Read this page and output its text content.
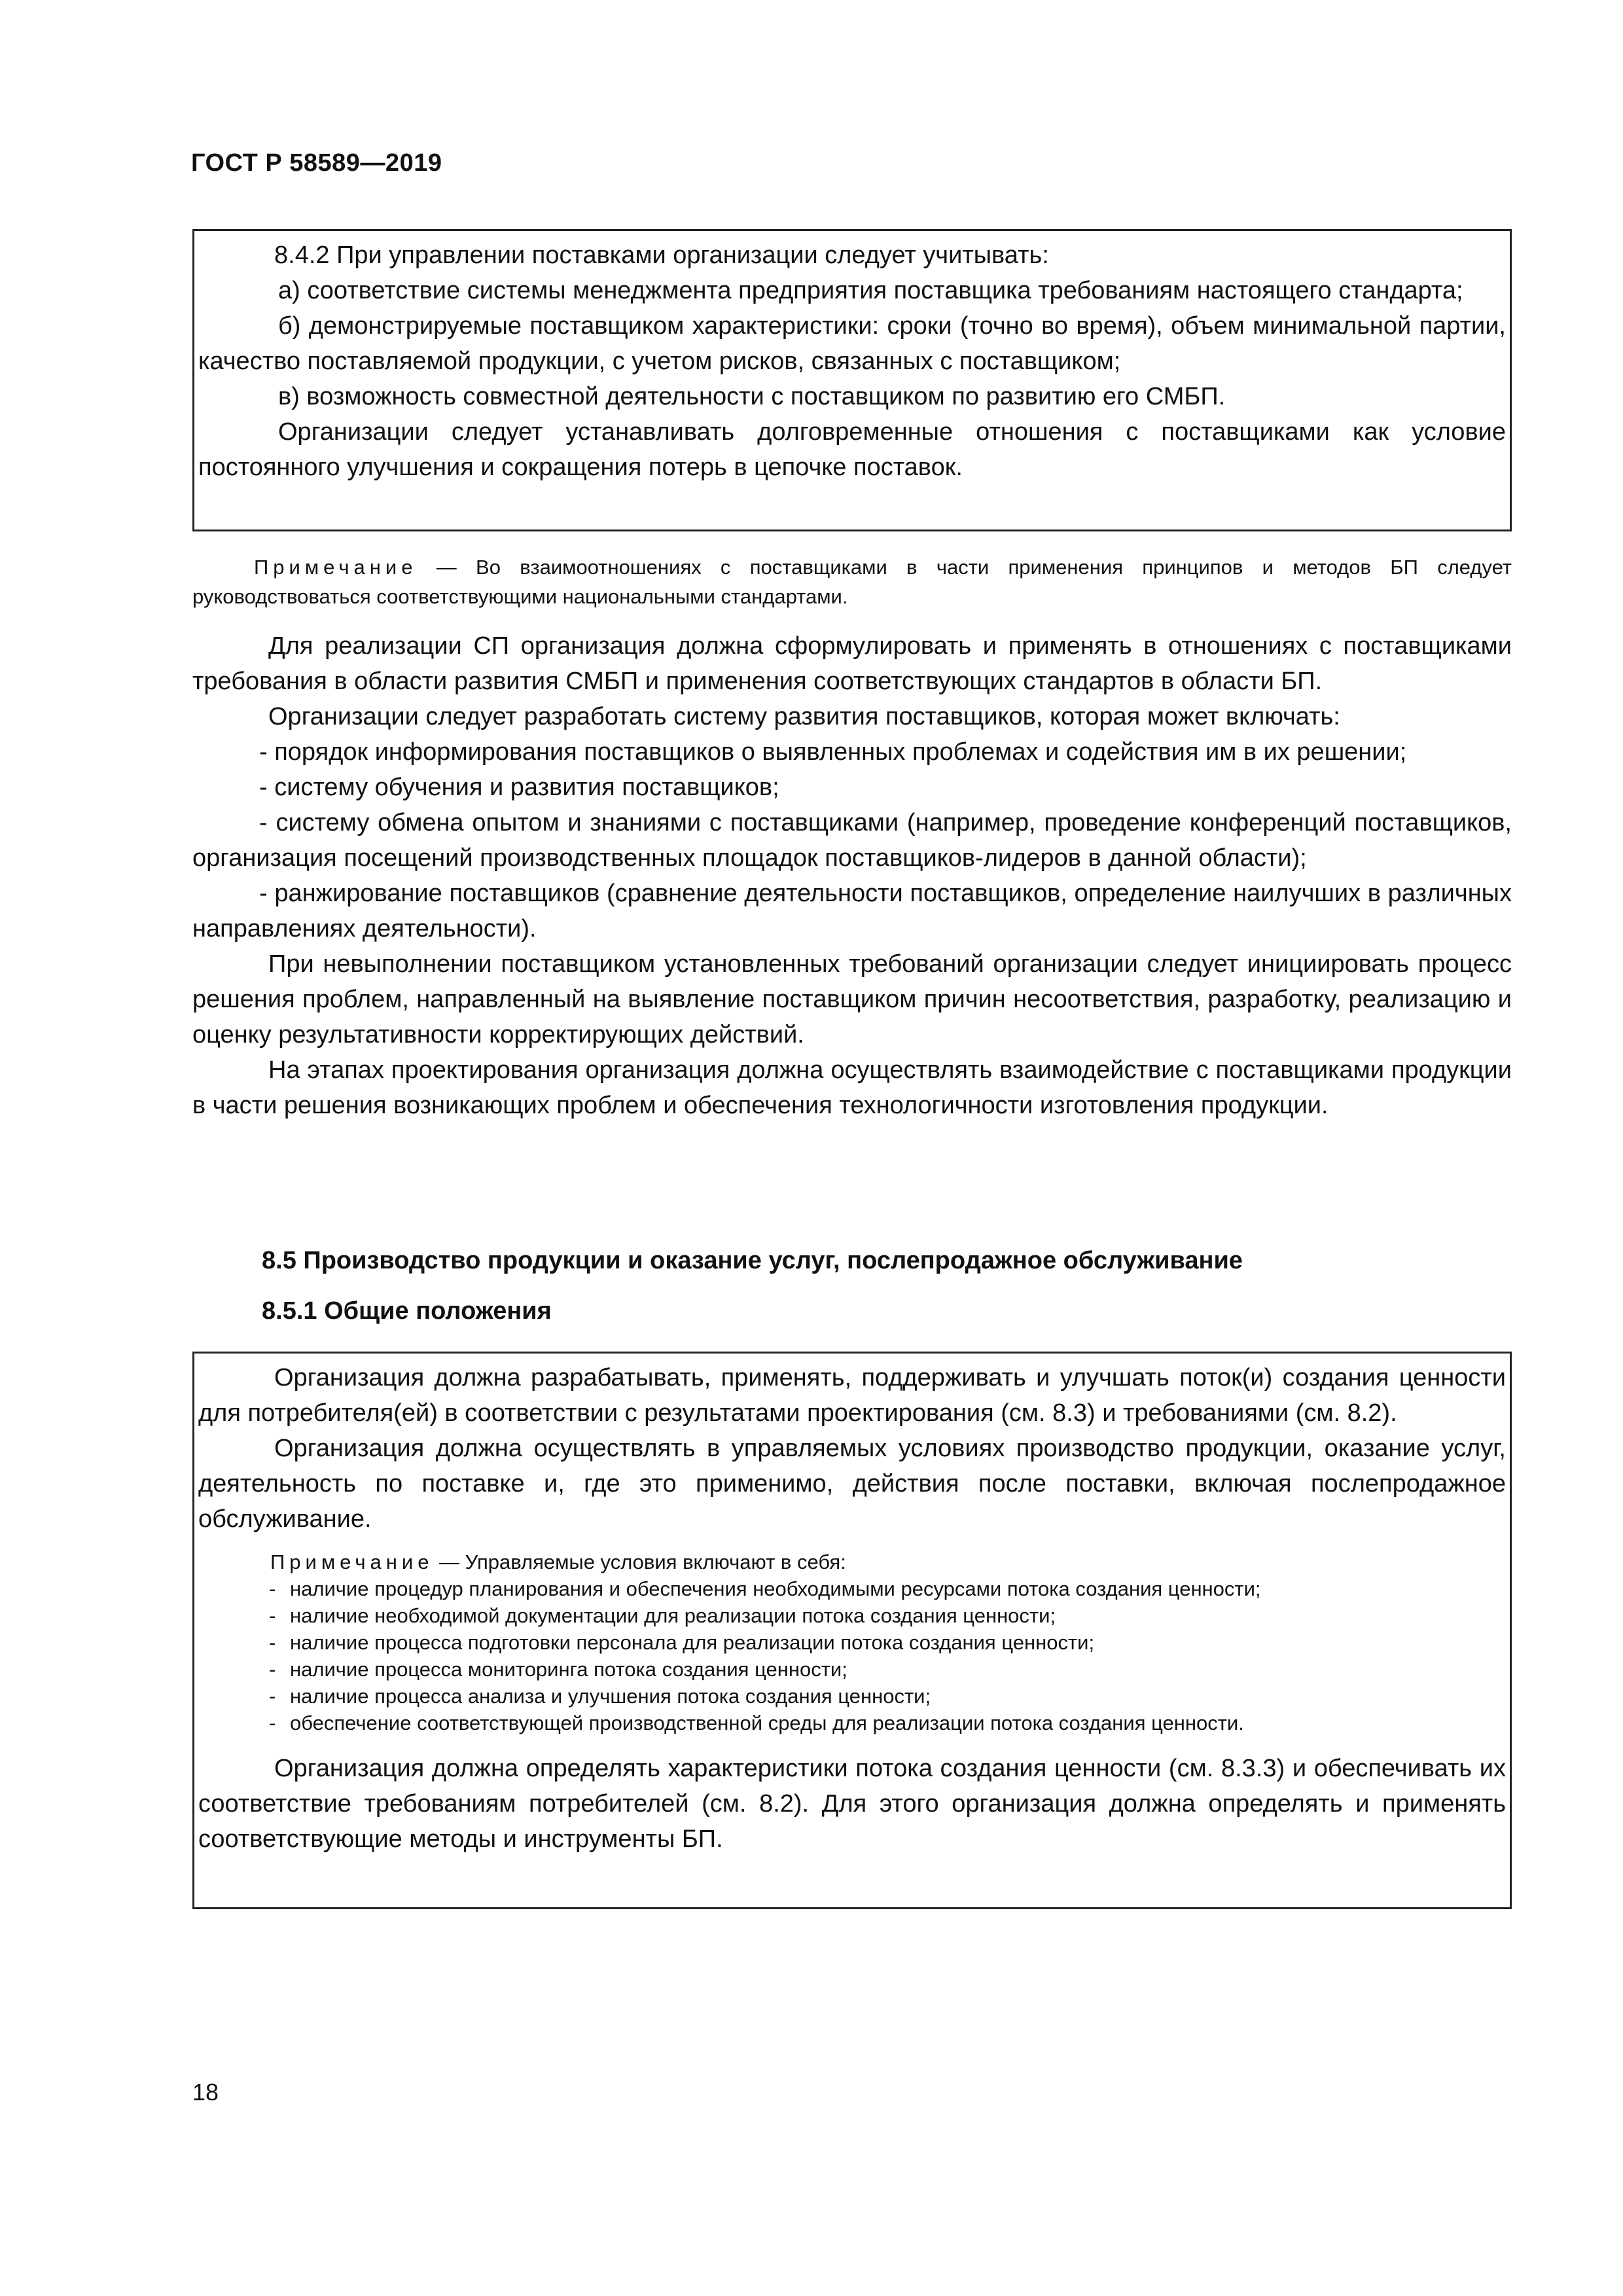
ГОСТ Р 58589—2019

8.4.2 При управлении поставками организации следует учитывать:

а) соответствие системы менеджмента предприятия поставщика требованиям настоящего стандарта;

б) демонстрируемые поставщиком характеристики: сроки (точно во время), объем минимальной партии, качество поставляемой продукции, с учетом рисков, связанных с поставщиком;

в) возможность совместной деятельности с поставщиком по развитию его СМБП.

Организации следует устанавливать долговременные отношения с поставщиками как условие постоянного улучшения и сокращения потерь в цепочке поставок.

Примечание — Во взаимоотношениях с поставщиками в части применения принципов и методов БП следует руководствоваться соответствующими национальными стандартами.

Для реализации СП организация должна сформулировать и применять в отношениях с поставщиками требования в области развития СМБП и применения соответствующих стандартов в области БП.

Организации следует разработать систему развития поставщиков, которая может включать:

- порядок информирования поставщиков о выявленных проблемах и содействия им в их решении;

- систему обучения и развития поставщиков;

- систему обмена опытом и знаниями с поставщиками (например, проведение конференций поставщиков, организация посещений производственных площадок поставщиков-лидеров в данной области);

- ранжирование поставщиков (сравнение деятельности поставщиков, определение наилучших в различных направлениях деятельности).

При невыполнении поставщиком установленных требований организации следует инициировать процесс решения проблем, направленный на выявление поставщиком причин несоответствия, разработку, реализацию и оценку результативности корректирующих действий.

На этапах проектирования организация должна осуществлять взаимодействие с поставщиками продукции в части решения возникающих проблем и обеспечения технологичности изготовления продукции.

8.5 Производство продукции и оказание услуг, послепродажное обслуживание
8.5.1 Общие положения

Организация должна разрабатывать, применять, поддерживать и улучшать поток(и) создания ценности для потребителя(ей) в соответствии с результатами проектирования (см. 8.3) и требованиями (см. 8.2).

Организация должна осуществлять в управляемых условиях производство продукции, оказание услуг, деятельность по поставке и, где это применимо, действия после поставки, включая послепродажное обслуживание.

Примечание — Управляемые условия включают в себя:
- наличие процедур планирования и обеспечения необходимыми ресурсами потока создания ценности;
- наличие необходимой документации для реализации потока создания ценности;
- наличие процесса подготовки персонала для реализации потока создания ценности;
- наличие процесса мониторинга потока создания ценности;
- наличие процесса анализа и улучшения потока создания ценности;
- обеспечение соответствующей производственной среды для реализации потока создания ценности.

Организация должна определять характеристики потока создания ценности (см. 8.3.3) и обеспечивать их соответствие требованиям потребителей (см. 8.2). Для этого организация должна определять и применять соответствующие методы и инструменты БП.

18
